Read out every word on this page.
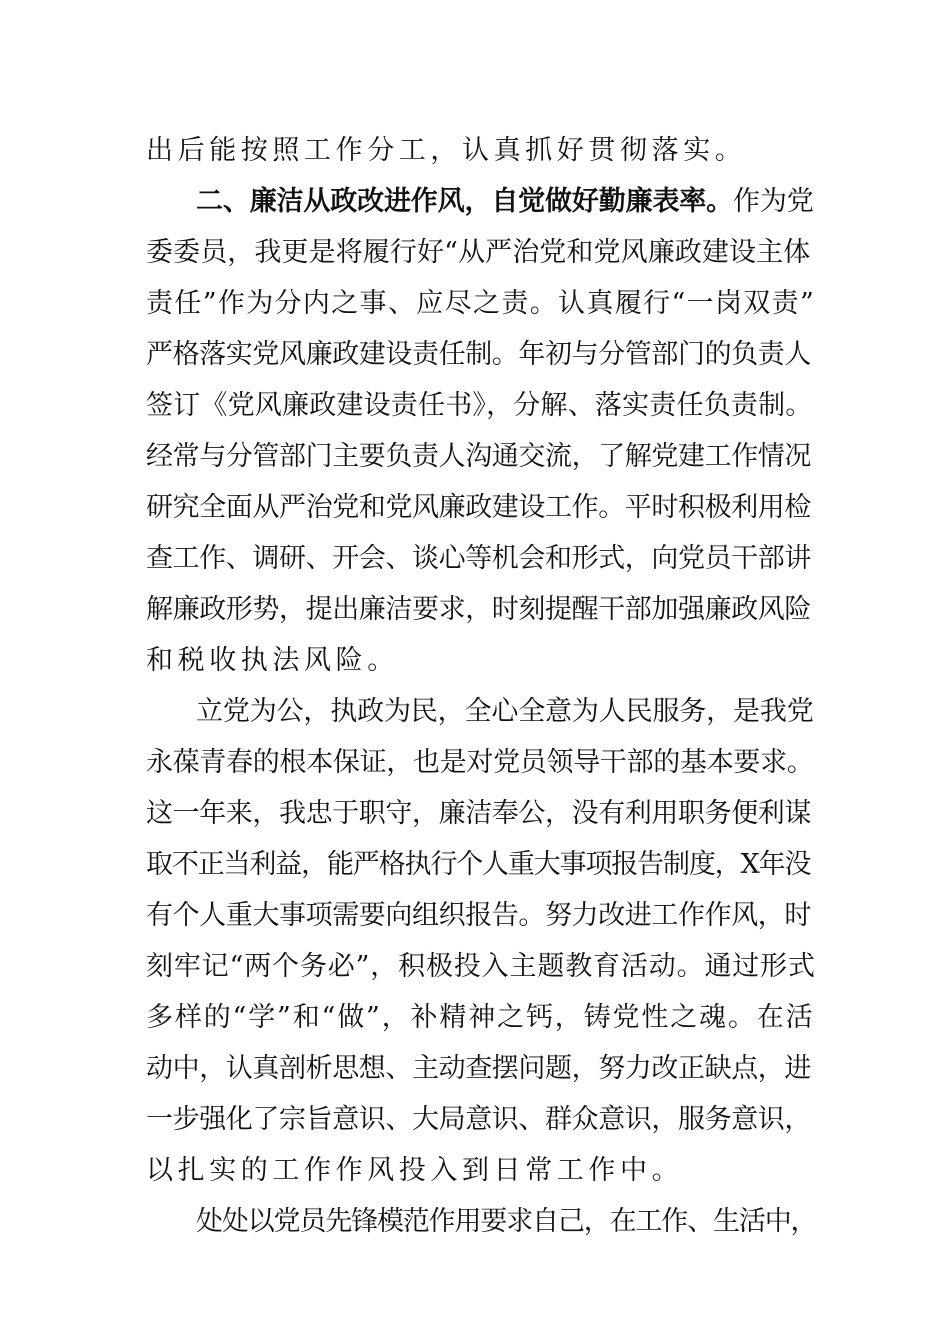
出后能按照工作分工，认真抓好贯彻落实。
二、廉洁从政改进作风，自觉做好勤廉表率。作为党
委委员，我更是将履行好“从严治党和党风廉政建设主体
责任”作为分内之事、应尽之责。认真履行“一岗双责”
严格落实党风廉政建设责任制。年初与分管部门的负责人
签订《党风廉政建设责任书》，分解、落实责任负责制。
经常与分管部门主要负责人沟通交流，了解党建工作情况
研究全面从严治党和党风廉政建设工作。平时积极利用检
查工作、调研、开会、谈心等机会和形式，向党员干部讲
解廉政形势，提出廉洁要求，时刻提醒干部加强廉政风险
和税收执法风险。
立党为公，执政为民，全心全意为人民服务，是我党
永葆青春的根本保证，也是对党员领导干部的基本要求。
这一年来，我忠于职守，廉洁奉公，没有利用职务便利谋
取不正当利益，能严格执行个人重大事项报告制度，X年没
有个人重大事项需要向组织报告。努力改进工作作风，时
刻牢记“两个务必”，积极投入主题教育活动。通过形式
多样的“学”和“做”，补精神之钙，铸党性之魂。在活
动中，认真剖析思想、主动查摆问题，努力改正缺点，进
一步强化了宗旨意识、大局意识、群众意识，服务意识，
以扎实的工作作风投入到日常工作中。
处处以党员先锋模范作用要求自己，在工作、生活中，
